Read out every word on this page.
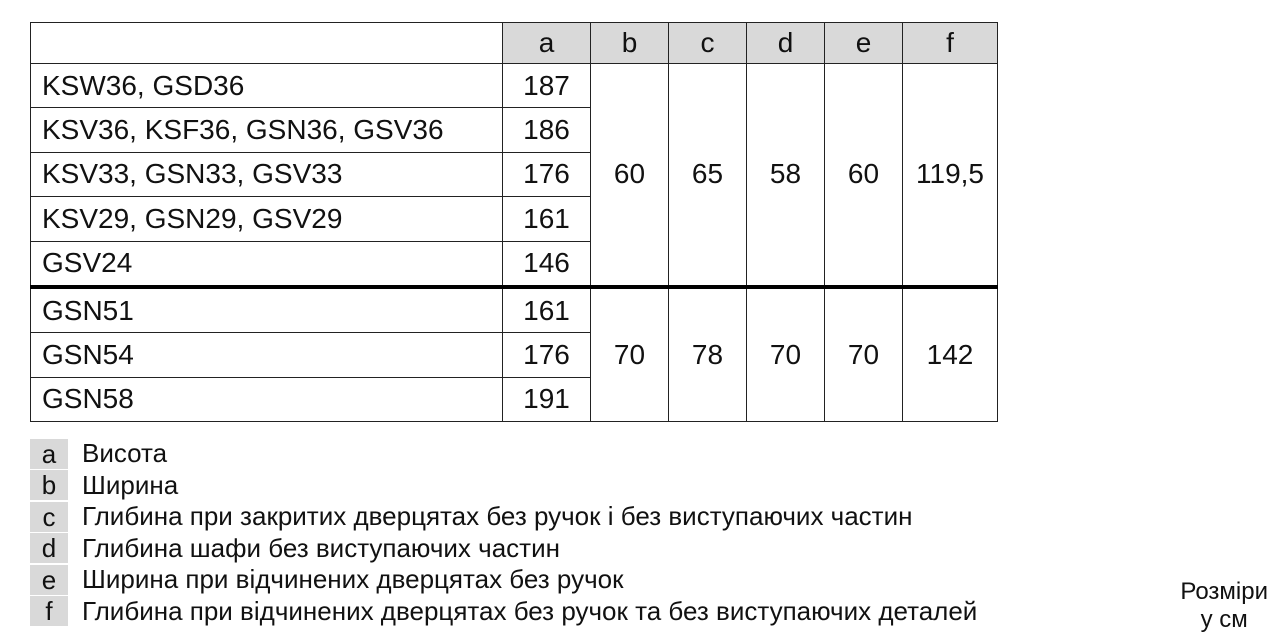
	a	b	c	d	e	f
KSW36, GSD36	187	60	65	58	60	119,5
KSV36, KSF36, GSN36, GSV36	186					
KSV33, GSN33, GSV33	176					
KSV29, GSN29, GSV29	161					
GSV24	146					
GSN51	161	70	78	70	70	142
GSN54	176					
GSN58	191					
a Висота
b Ширина
c	Глибина при закритих дверцятах без ручок і без виступаючих частин
d Глибина шафи без виступаючих частин
e Ширина при відчинених дверцятах без ручок
f	Глибина при відчинених дверцятах без ручок та без виступаючих деталей
Розміри
у см
